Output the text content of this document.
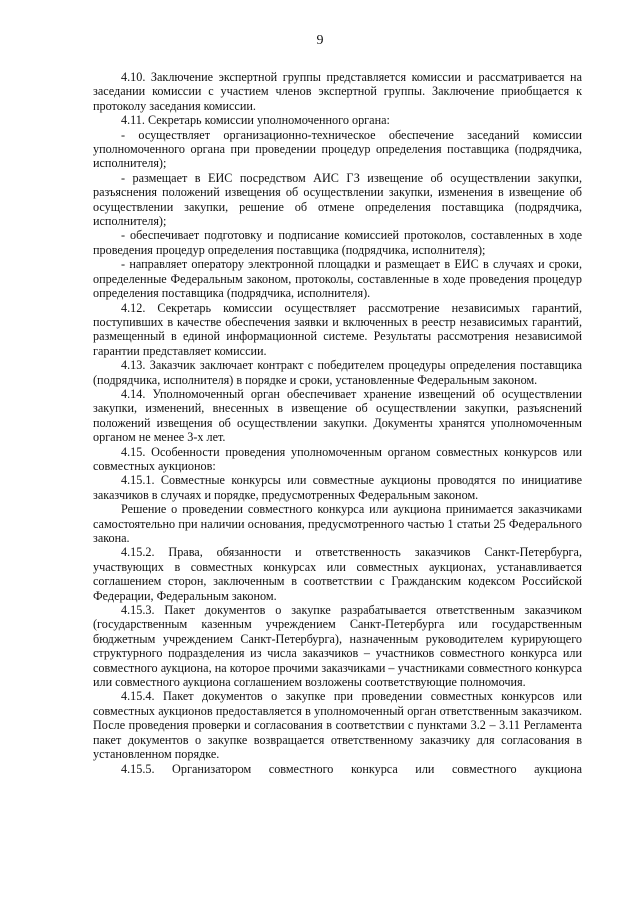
9

4.10. Заключение экспертной группы представляется комиссии и рассматривается на заседании комиссии с участием членов экспертной группы. Заключение приобщается к протоколу заседания комиссии.

4.11. Секретарь комиссии уполномоченного органа:

- осуществляет организационно-техническое обеспечение заседаний комиссии уполномоченного органа при проведении процедур определения поставщика (подрядчика, исполнителя);

- размещает в ЕИС посредством АИС ГЗ извещение об осуществлении закупки, разъяснения положений извещения об осуществлении закупки, изменения в извещение об осуществлении закупки, решение об отмене определения поставщика (подрядчика, исполнителя);

- обеспечивает подготовку и подписание комиссией протоколов, составленных в ходе проведения процедур определения поставщика (подрядчика, исполнителя);

- направляет оператору электронной площадки и размещает в ЕИС в случаях и сроки, определенные Федеральным законом, протоколы, составленные в ходе проведения процедур определения поставщика (подрядчика, исполнителя).

4.12. Секретарь комиссии осуществляет рассмотрение независимых гарантий, поступивших в качестве обеспечения заявки и включенных в реестр независимых гарантий, размещенный в единой информационной системе. Результаты рассмотрения независимой гарантии представляет комиссии.

4.13. Заказчик заключает контракт с победителем процедуры определения поставщика (подрядчика, исполнителя) в порядке и сроки, установленные Федеральным законом.

4.14. Уполномоченный орган обеспечивает хранение извещений об осуществлении закупки, изменений, внесенных в извещение об осуществлении закупки, разъяснений положений извещения об осуществлении закупки. Документы хранятся уполномоченным органом не менее 3-х лет.

4.15. Особенности проведения уполномоченным органом совместных конкурсов или совместных аукционов:

4.15.1. Совместные конкурсы или совместные аукционы проводятся по инициативе заказчиков в случаях и порядке, предусмотренных Федеральным законом.

Решение о проведении совместного конкурса или аукциона принимается заказчиками самостоятельно при наличии основания, предусмотренного частью 1 статьи 25 Федерального закона.

4.15.2. Права, обязанности и ответственность заказчиков Санкт-Петербурга, участвующих в совместных конкурсах или совместных аукционах, устанавливается соглашением сторон, заключенным в соответствии с Гражданским кодексом Российской Федерации, Федеральным законом.

4.15.3. Пакет документов о закупке разрабатывается ответственным заказчиком (государственным казенным учреждением Санкт-Петербурга или государственным бюджетным учреждением Санкт-Петербурга), назначенным руководителем курирующего структурного подразделения из числа заказчиков – участников совместного конкурса или совместного аукциона, на которое прочими заказчиками – участниками совместного конкурса или совместного аукциона соглашением возложены соответствующие полномочия.

4.15.4. Пакет документов о закупке при проведении совместных конкурсов или совместных аукционов предоставляется в уполномоченный орган ответственным заказчиком. После проведения проверки и согласования в соответствии с пунктами 3.2 – 3.11 Регламента пакет документов о закупке возвращается ответственному заказчику для согласования в установленном порядке.

4.15.5. Организатором совместного конкурса или совместного аукциона
